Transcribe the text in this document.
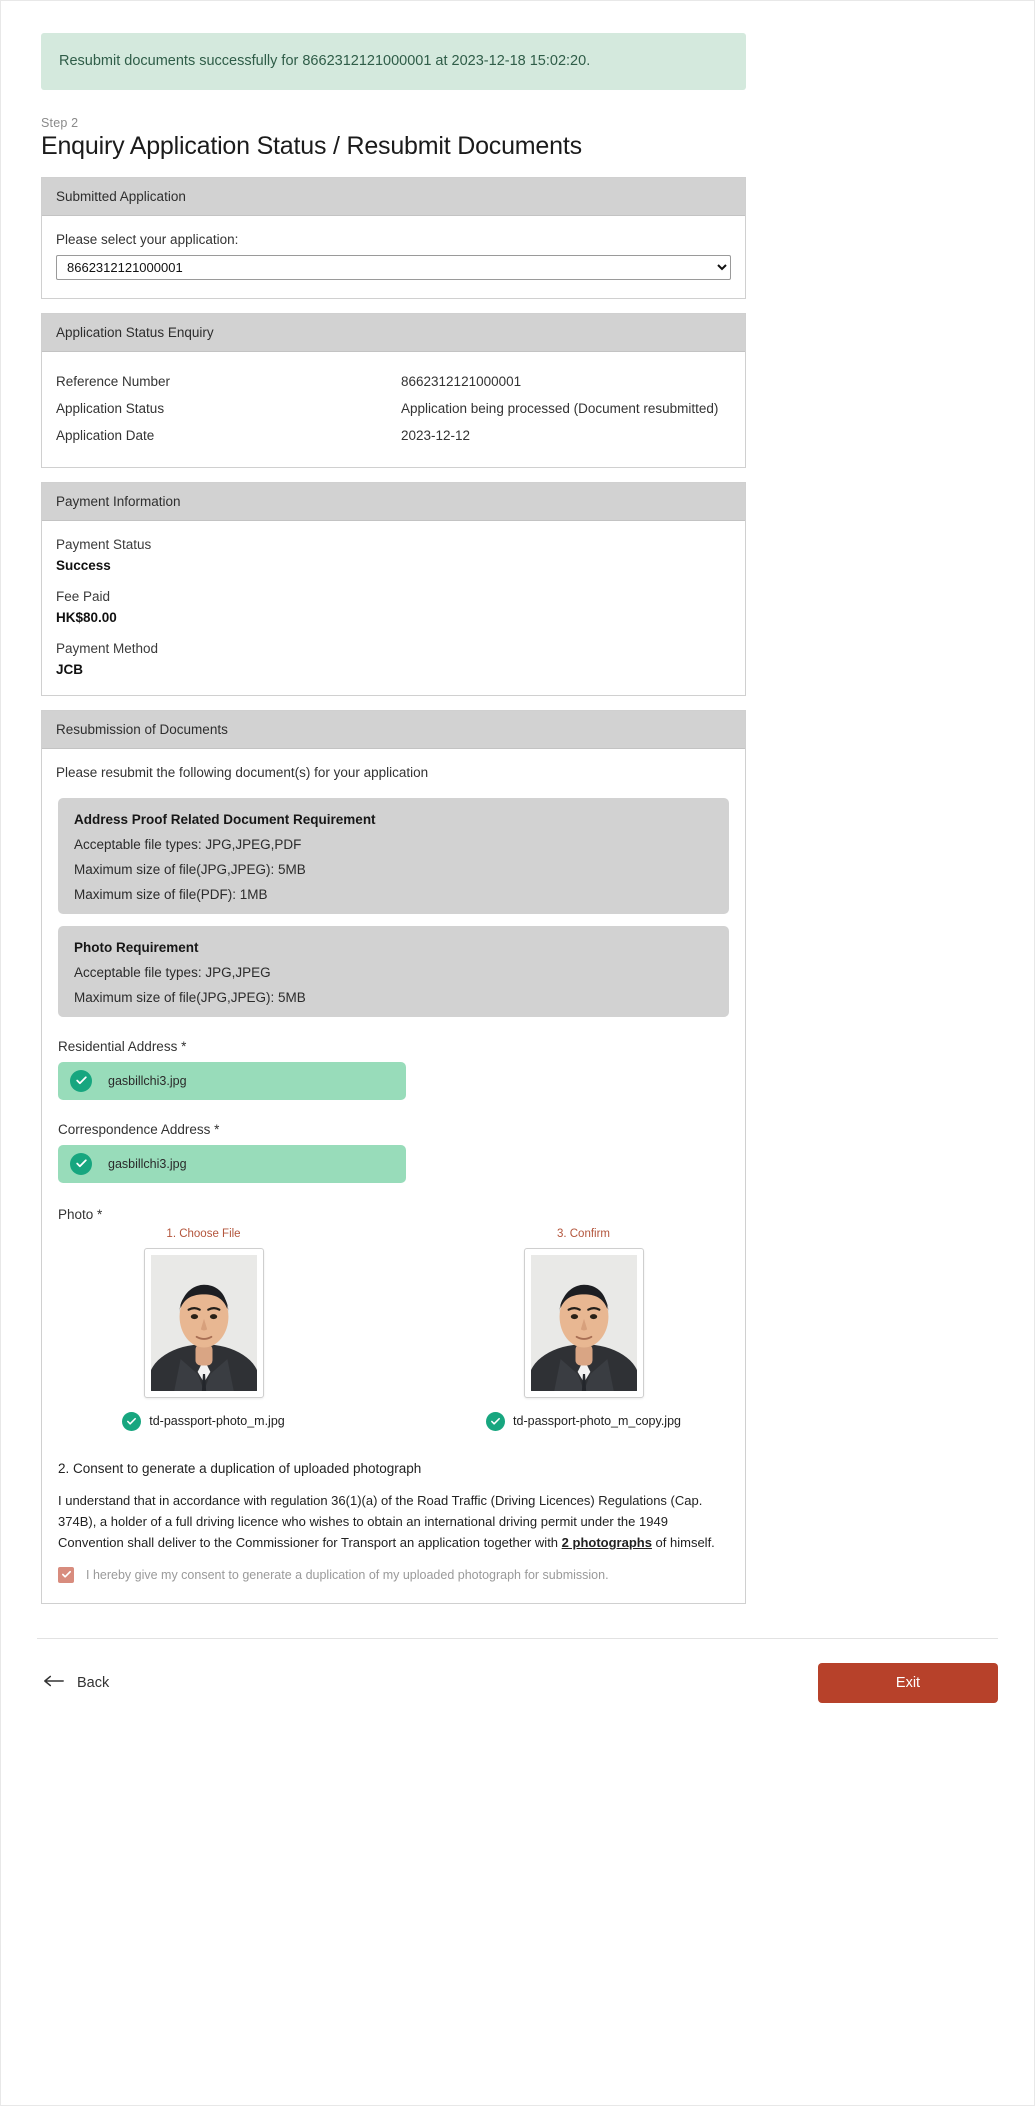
Resubmit documents successfully for 8662312121000001 at 2023-12-18 15:02:20.
Step 2
Enquiry Application Status / Resubmit Documents
Submitted Application
Please select your application:
8662312121000001
Application Status Enquiry
Reference Number	8662312121000001
Application Status	Application being processed (Document resubmitted)
Application Date	2023-12-12
Payment Information
Payment Status
Success
Fee Paid
HK$80.00
Payment Method
JCB
Resubmission of Documents
Please resubmit the following document(s) for your application
Address Proof Related Document Requirement
Acceptable file types: JPG,JPEG,PDF
Maximum size of file(JPG,JPEG): 5MB
Maximum size of file(PDF): 1MB
Photo Requirement
Acceptable file types: JPG,JPEG
Maximum size of file(JPG,JPEG): 5MB
Residential Address *
gasbillchi3.jpg
Correspondence Address *
gasbillchi3.jpg
Photo *
1. Choose File
td-passport-photo_m.jpg
3. Confirm
td-passport-photo_m_copy.jpg
2. Consent to generate a duplication of uploaded photograph
I understand that in accordance with regulation 36(1)(a) of the Road Traffic (Driving Licences) Regulations (Cap. 374B), a holder of a full driving licence who wishes to obtain an international driving permit under the 1949 Convention shall deliver to the Commissioner for Transport an application together with 2 photographs of himself.
I hereby give my consent to generate a duplication of my uploaded photograph for submission.
Back	Exit
